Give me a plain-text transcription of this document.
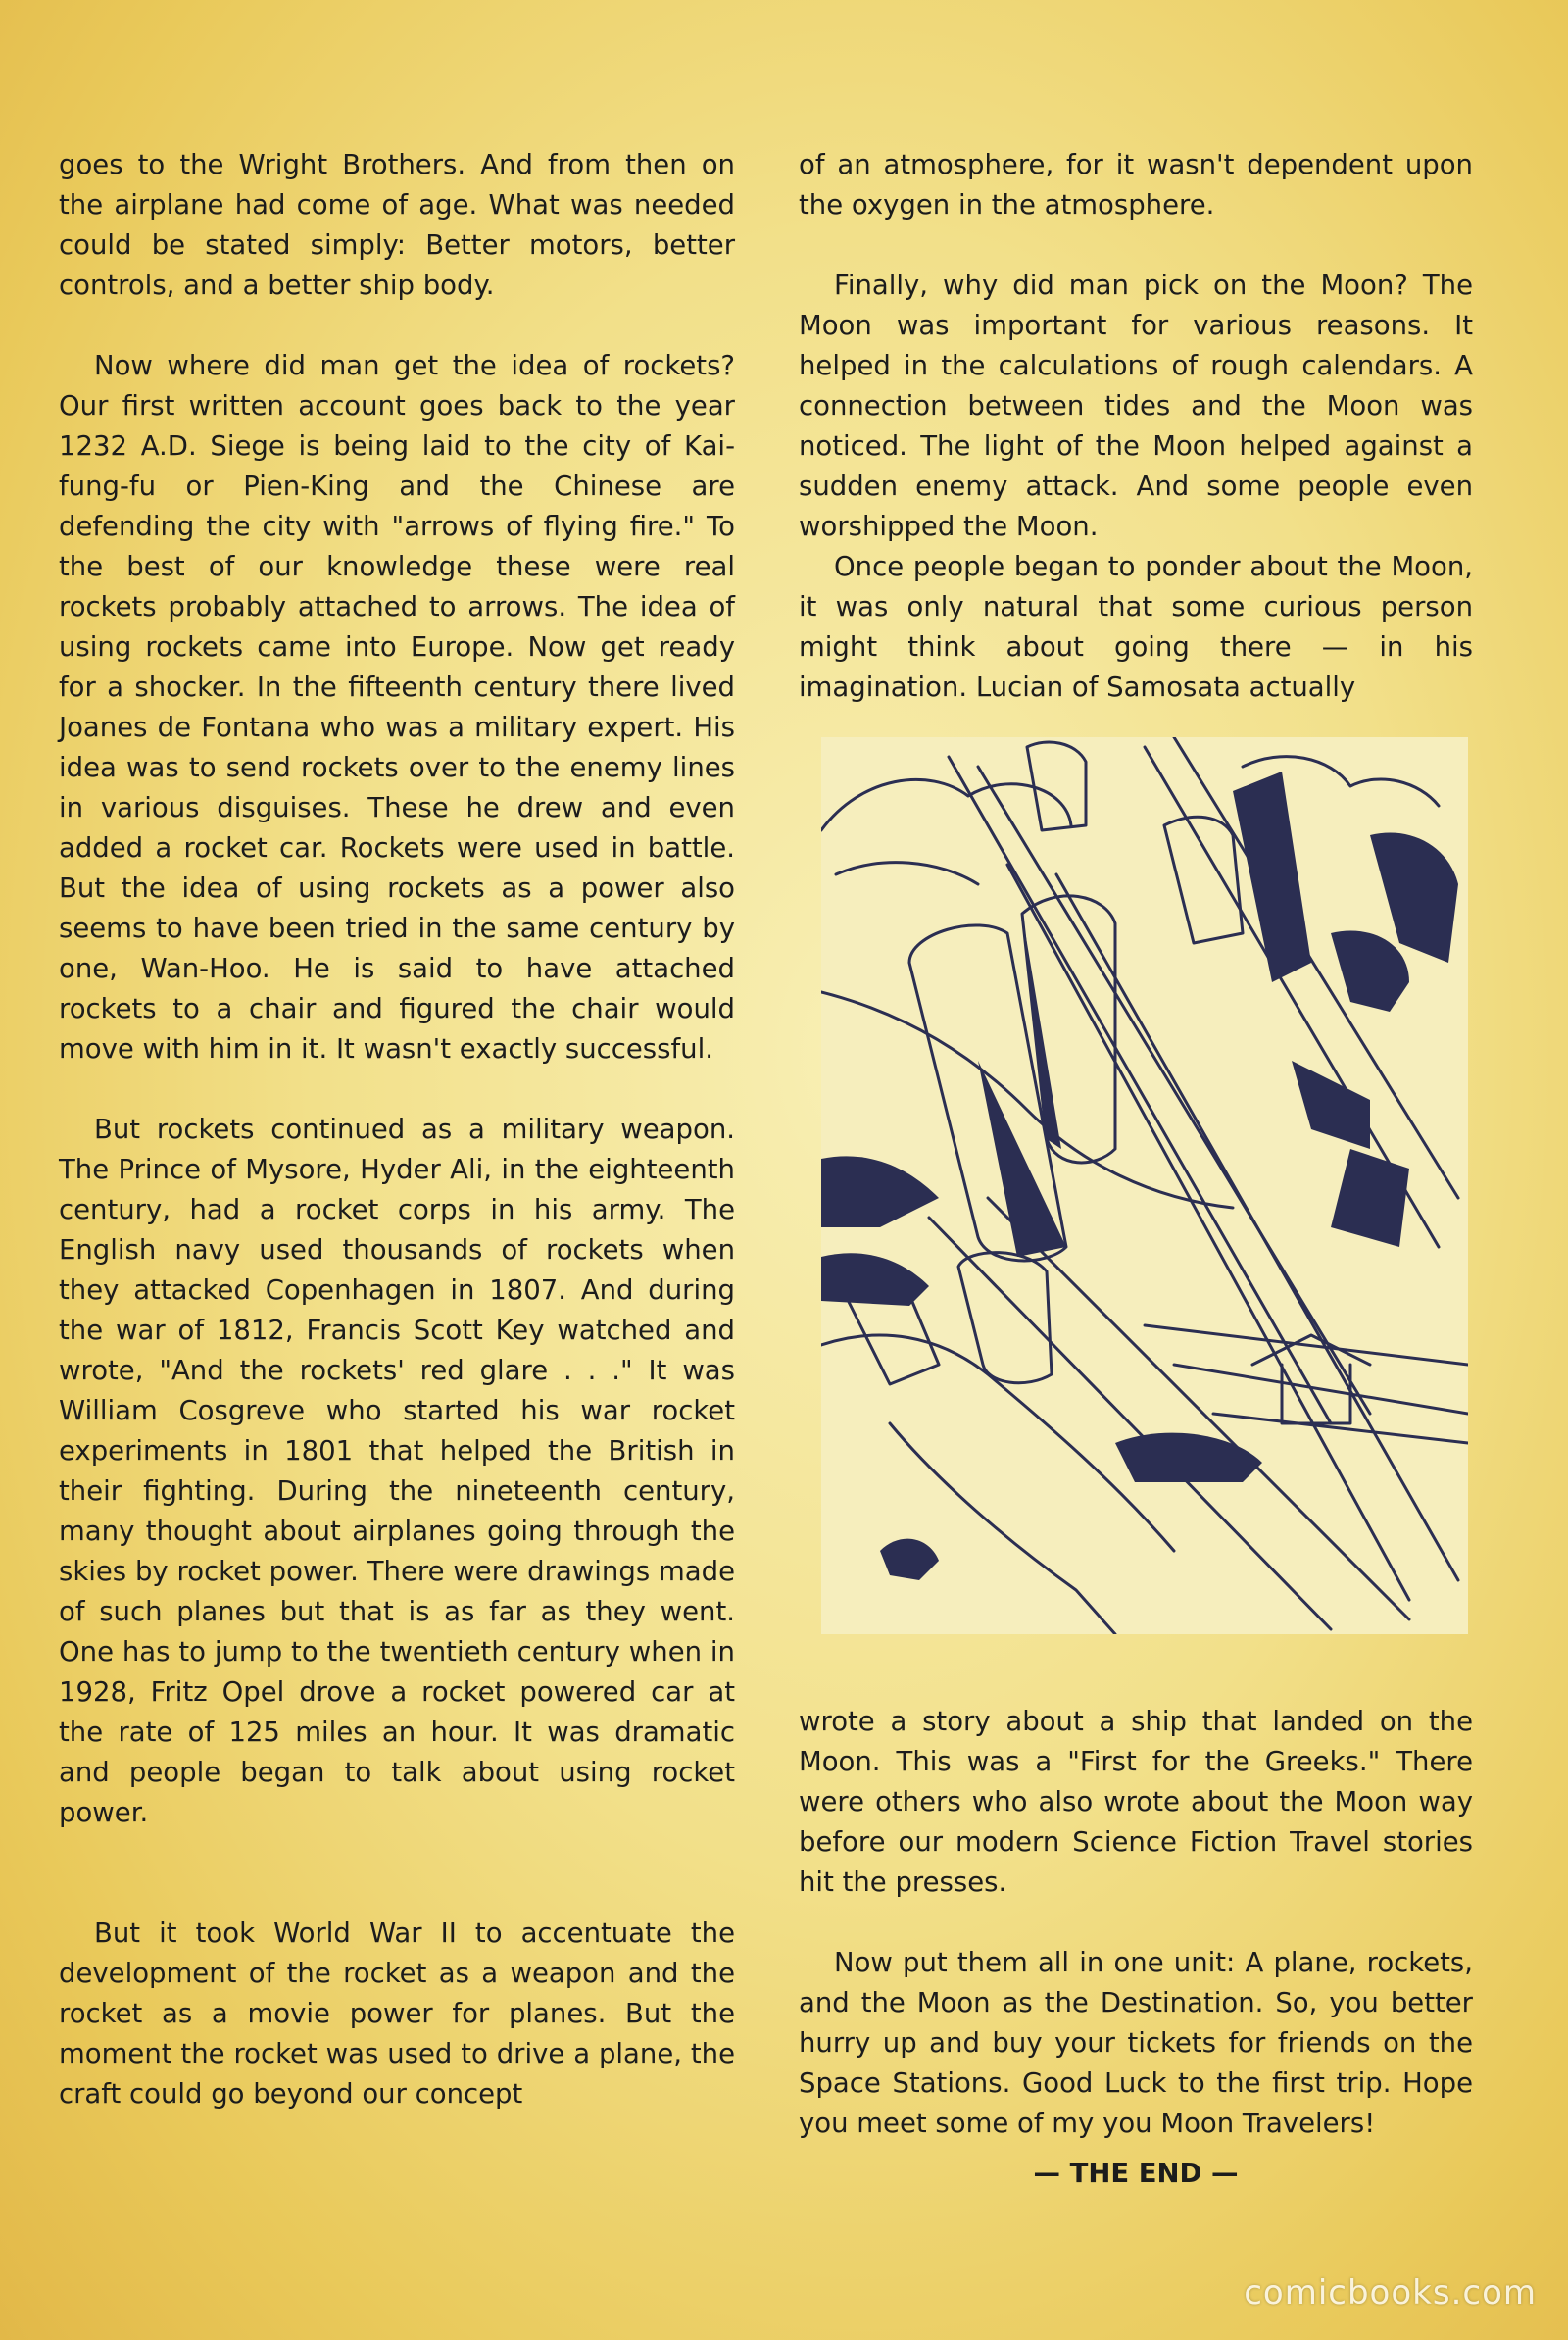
goes to the Wright Brothers. And from then on the airplane had come of age. What was needed could be stated simply: Better motors, better controls, and a better ship body.

Now where did man get the idea of rockets? Our first written account goes back to the year 1232 A.D. Siege is being laid to the city of Kai-fung-fu or Pien-King and the Chinese are defending the city with "arrows of flying fire." To the best of our knowledge these were real rockets probably attached to arrows. The idea of using rockets came into Europe. Now get ready for a shocker. In the fifteenth century there lived Joanes de Fontana who was a military expert. His idea was to send rockets over to the enemy lines in various disguises. These he drew and even added a rocket car. Rockets were used in battle. But the idea of using rockets as a power also seems to have been tried in the same century by one, Wan-Hoo. He is said to have attached rockets to a chair and figured the chair would move with him in it. It wasn't exactly successful.

But rockets continued as a military weapon. The Prince of Mysore, Hyder Ali, in the eighteenth century, had a rocket corps in his army. The English navy used thousands of rockets when they attacked Copenhagen in 1807. And during the war of 1812, Francis Scott Key watched and wrote, "And the rockets' red glare . . ." It was William Cosgreve who started his war rocket experiments in 1801 that helped the British in their fighting. During the nineteenth century, many thought about airplanes going through the skies by rocket power. There were drawings made of such planes but that is as far as they went. One has to jump to the twentieth century when in 1928, Fritz Opel drove a rocket powered car at the rate of 125 miles an hour. It was dramatic and people began to talk about using rocket power.

But it took World War II to accentuate the development of the rocket as a weapon and the rocket as a movie power for planes. But the moment the rocket was used to drive a plane, the craft could go beyond our concept

of an atmosphere, for it wasn't dependent upon the oxygen in the atmosphere.

Finally, why did man pick on the Moon? The Moon was important for various reasons. It helped in the calculations of rough calendars. A connection between tides and the Moon was noticed. The light of the Moon helped against a sudden enemy attack. And some people even worshipped the Moon.

Once people began to ponder about the Moon, it was only natural that some curious person might think about going there — in his imagination. Lucian of Samosata actually

wrote a story about a ship that landed on the Moon. This was a "First for the Greeks." There were others who also wrote about the Moon way before our modern Science Fiction Travel stories hit the presses.

Now put them all in one unit: A plane, rockets, and the Moon as the Destination. So, you better hurry up and buy your tickets for friends on the Space Stations. Good Luck to the first trip. Hope you meet some of my you Moon Travelers!

— THE END —

comicbooks.com
